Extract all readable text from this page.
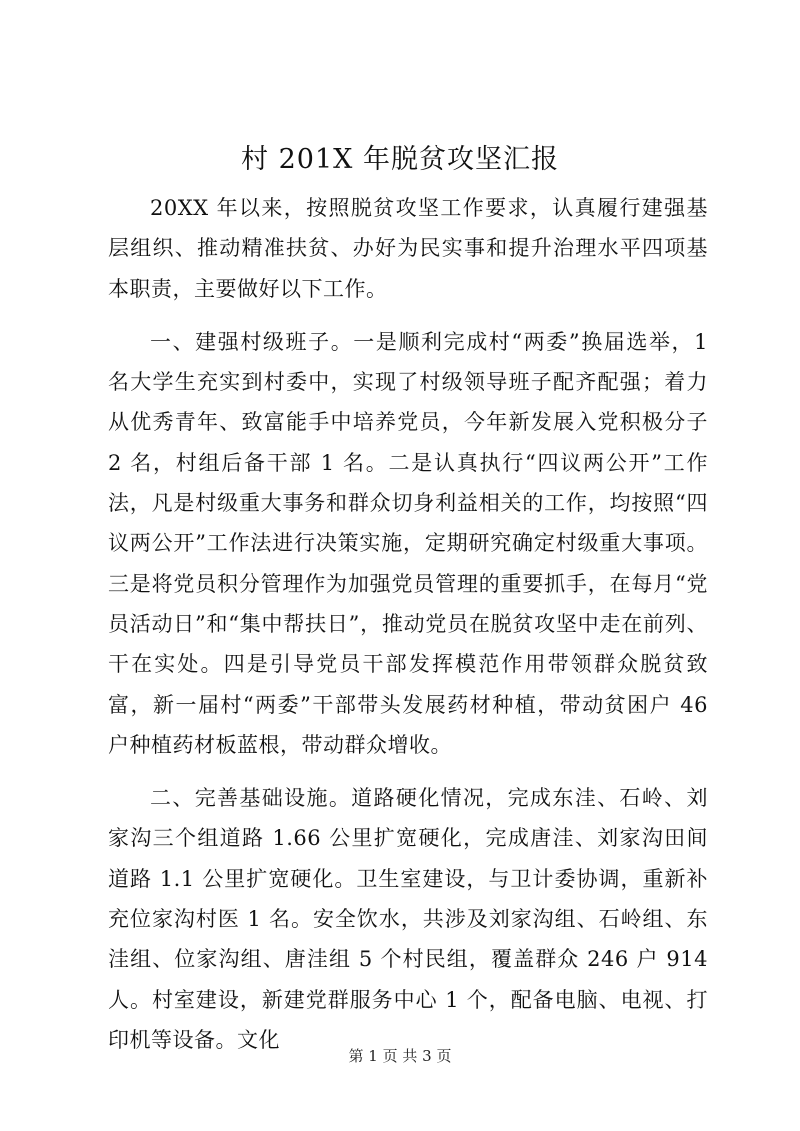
村 201X 年脱贫攻坚汇报

20XX 年以来，按照脱贫攻坚工作要求，认真履行建强基层组织、推动精准扶贫、办好为民实事和提升治理水平四项基本职责，主要做好以下工作。

一、建强村级班子。一是顺利完成村“两委”换届选举，1 名大学生充实到村委中，实现了村级领导班子配齐配强；着力从优秀青年、致富能手中培养党员，今年新发展入党积极分子 2 名，村组后备干部 1 名。二是认真执行“四议两公开”工作法，凡是村级重大事务和群众切身利益相关的工作，均按照“四议两公开”工作法进行决策实施，定期研究确定村级重大事项。三是将党员积分管理作为加强党员管理的重要抓手，在每月“党员活动日”和“集中帮扶日”，推动党员在脱贫攻坚中走在前列、干在实处。四是引导党员干部发挥模范作用带领群众脱贫致富，新一届村“两委”干部带头发展药材种植，带动贫困户 46 户种植药材板蓝根，带动群众增收。

二、完善基础设施。道路硬化情况，完成东洼、石岭、刘家沟三个组道路 1.66 公里扩宽硬化，完成唐洼、刘家沟田间道路 1.1 公里扩宽硬化。卫生室建设，与卫计委协调，重新补充位家沟村医 1 名。安全饮水，共涉及刘家沟组、石岭组、东洼组、位家沟组、唐洼组 5 个村民组，覆盖群众 246 户 914 人。村室建设，新建党群服务中心 1 个，配备电脑、电视、打印机等设备。文化

第 1 页 共 3 页
